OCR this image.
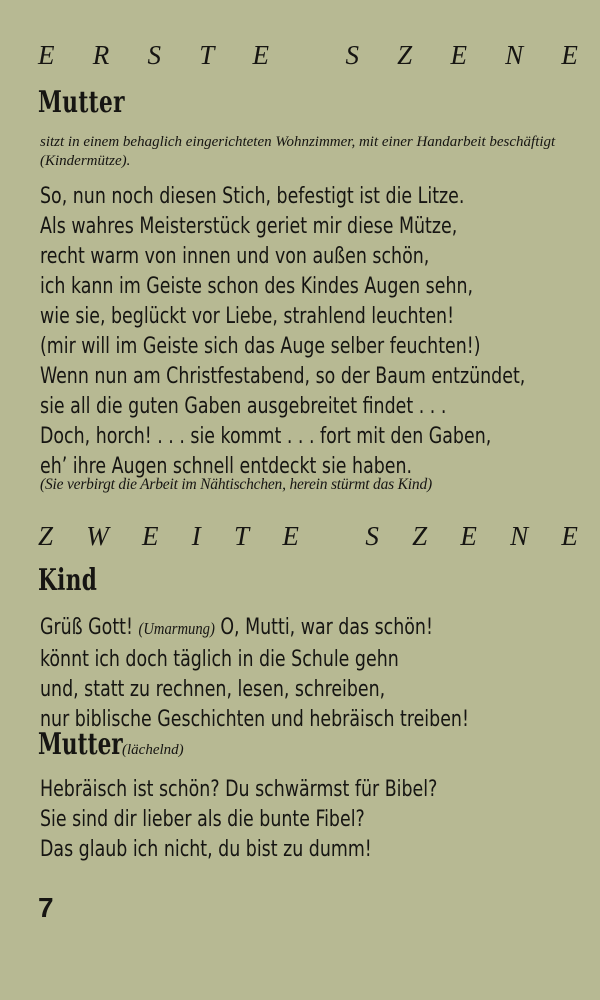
E R S T E	S Z E N E
Mutter
sitzt in einem behaglich eingerichteten Wohnzimmer, mit einer Handarbeit beschäftigt (Kindermütze).
So, nun noch diesen Stich, befestigt ist die Litze.
Als wahres Meisterstück geriet mir diese Mütze,
recht warm von innen und von außen schön,
ich kann im Geiste schon des Kindes Augen sehn,
wie sie, beglückt vor Liebe, strahlend leuchten!
(mir will im Geiste sich das Auge selber feuchten!)
Wenn nun am Christfestabend, so der Baum entzündet,
sie all die guten Gaben ausgebreitet findet . . .
Doch, horch! . . . sie kommt . . . fort mit den Gaben,
eh’ ihre Augen schnell entdeckt sie haben.
(Sie verbirgt die Arbeit im Nähtischchen, herein stürmt das Kind)
Z W E I T E S Z E N E
Kind
Grüß Gott! (Umarmung) O, Mutti, war das schön!
könnt ich doch täglich in die Schule gehn
und, statt zu rechnen, lesen, schreiben,
nur biblische Geschichten und hebräisch treiben!
Mutter (lächelnd)
Hebräisch ist schön? Du schwärmst für Bibel?
Sie sind dir lieber als die bunte Fibel?
Das glaub ich nicht, du bist zu dumm!
7
